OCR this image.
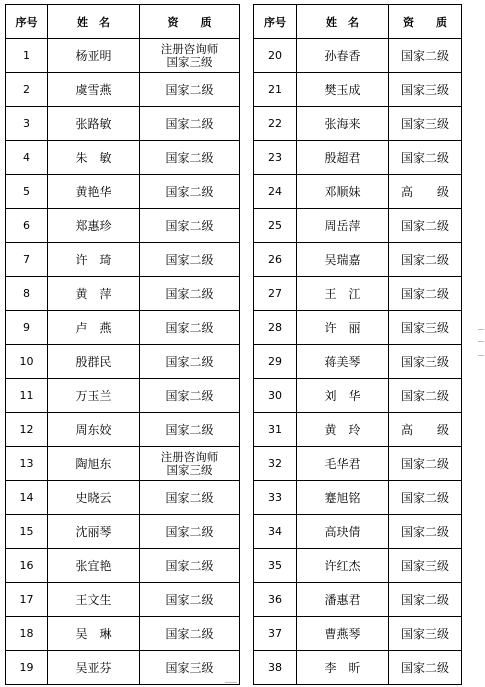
序号	姓　名	资　　质
1	杨亚明	注册咨询师
国家三级

2	虞雪燕	国家二级

3	张路敏	国家二级

4	朱　敏	国家二级

5	黄艳华	国家二级

6	郑惠珍	国家二级

7	许　琦	国家二级

8	黄　萍	国家二级

9	卢　燕	国家二级

10	殷群民	国家二级

11	万玉兰	国家二级

12	周东姣	国家二级

13	陶旭东	注册咨询师
国家三级

14	史晓云	国家二级

15	沈丽琴	国家二级

16	张宜艳	国家二级

17	王文生	国家二级

18	吴　琳	国家二级

19	吴亚芬	国家三级
序号	姓　名	资　　质
20	孙春香	国家二级

21	樊玉成	国家三级

22	张海来	国家三级

23	殷超君	国家二级

24	邓顺妹	高　　级

25	周岳萍	国家二级

26	吴瑞嘉	国家二级

27	王　江	国家二级

28	许　丽	国家三级

29	蒋美琴	国家三级

30	刘　华	国家二级

31	黄　玲	高　　级

32	毛华君	国家二级

33	蹇旭铭	国家二级

34	高玦倩	国家二级

35	许红杰	国家三级

36	潘惠君	国家二级

37	曹燕琴	国家三级

38	李　昕	国家二级
